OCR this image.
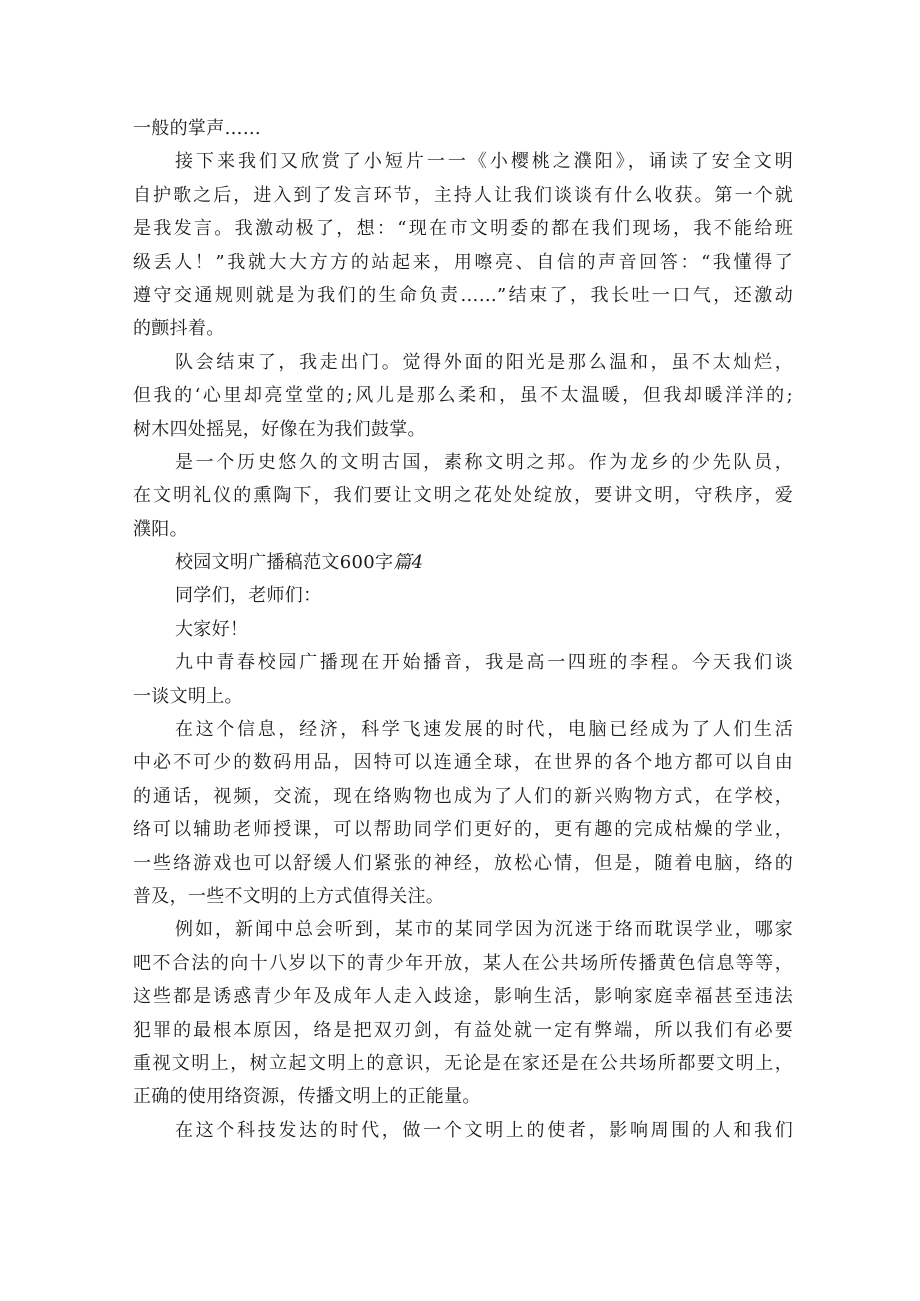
一般的掌声……
接下来我们又欣赏了小短片一一《小樱桃之濮阳》，诵读了安全文明
自护歌之后，进入到了发言环节，主持人让我们谈谈有什么收获。第一个就
是我发言。我激动极了，想：“现在市文明委的都在我们现场，我不能给班
级丢人！”我就大大方方的站起来，用嚓亮、自信的声音回答：“我懂得了
遵守交通规则就是为我们的生命负责……”结束了，我长吐一口气，还激动
的颤抖着。
队会结束了，我走出门。觉得外面的阳光是那么温和，虽不太灿烂，
但我的‘心里却亮堂堂的;风儿是那么柔和，虽不太温暖，但我却暖洋洋的;
树木四处摇晃，好像在为我们鼓掌。
是一个历史悠久的文明古国，素称文明之邦。作为龙乡的少先队员，
在文明礼仪的熏陶下，我们要让文明之花处处绽放，要讲文明，守秩序，爱
濮阳。
校园文明广播稿范文600字篇4
同学们，老师们：
大家好！
九中青春校园广播现在开始播音，我是高一四班的李程。今天我们谈
一谈文明上。
在这个信息，经济，科学飞速发展的时代，电脑已经成为了人们生活
中必不可少的数码用品，因特可以连通全球，在世界的各个地方都可以自由
的通话，视频，交流，现在络购物也成为了人们的新兴购物方式，在学校，
络可以辅助老师授课，可以帮助同学们更好的，更有趣的完成枯燥的学业，
一些络游戏也可以舒缓人们紧张的神经，放松心情，但是，随着电脑，络的
普及，一些不文明的上方式值得关注。
例如，新闻中总会听到，某市的某同学因为沉迷于络而耽误学业，哪家
吧不合法的向十八岁以下的青少年开放，某人在公共场所传播黄色信息等等，
这些都是诱惑青少年及成年人走入歧途，影响生活，影响家庭幸福甚至违法
犯罪的最根本原因，络是把双刃剑，有益处就一定有弊端，所以我们有必要
重视文明上，树立起文明上的意识，无论是在家还是在公共场所都要文明上，
正确的使用络资源，传播文明上的正能量。
在这个科技发达的时代，做一个文明上的使者，影响周围的人和我们
